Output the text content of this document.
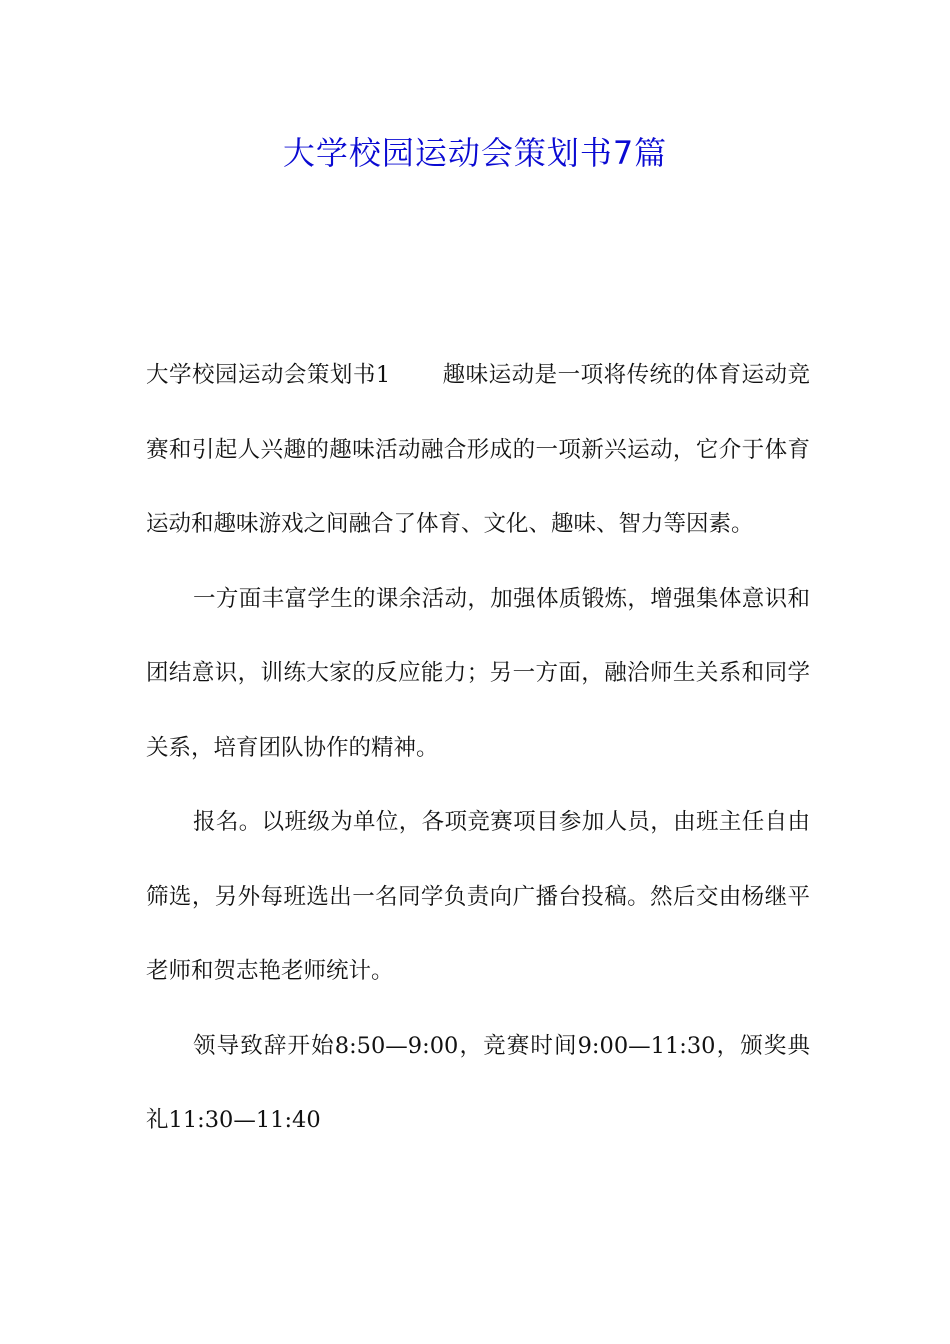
大学校园运动会策划书7篇

大学校园运动会策划书1 趣味运动是一项将传统的体育运动竞赛和引起人兴趣的趣味活动融合形成的一项新兴运动，它介于体育运动和趣味游戏之间融合了体育、文化、趣味、智力等因素。

一方面丰富学生的课余活动，加强体质锻炼，增强集体意识和团结意识，训练大家的反应能力；另一方面，融洽师生关系和同学关系，培育团队协作的精神。

报名。以班级为单位，各项竞赛项目参加人员，由班主任自由筛选，另外每班选出一名同学负责向广播台投稿。然后交由杨继平老师和贺志艳老师统计。

领导致辞开始8:50—9:00，竞赛时间9:00—11:30，颁奖典礼11:30—11:40
